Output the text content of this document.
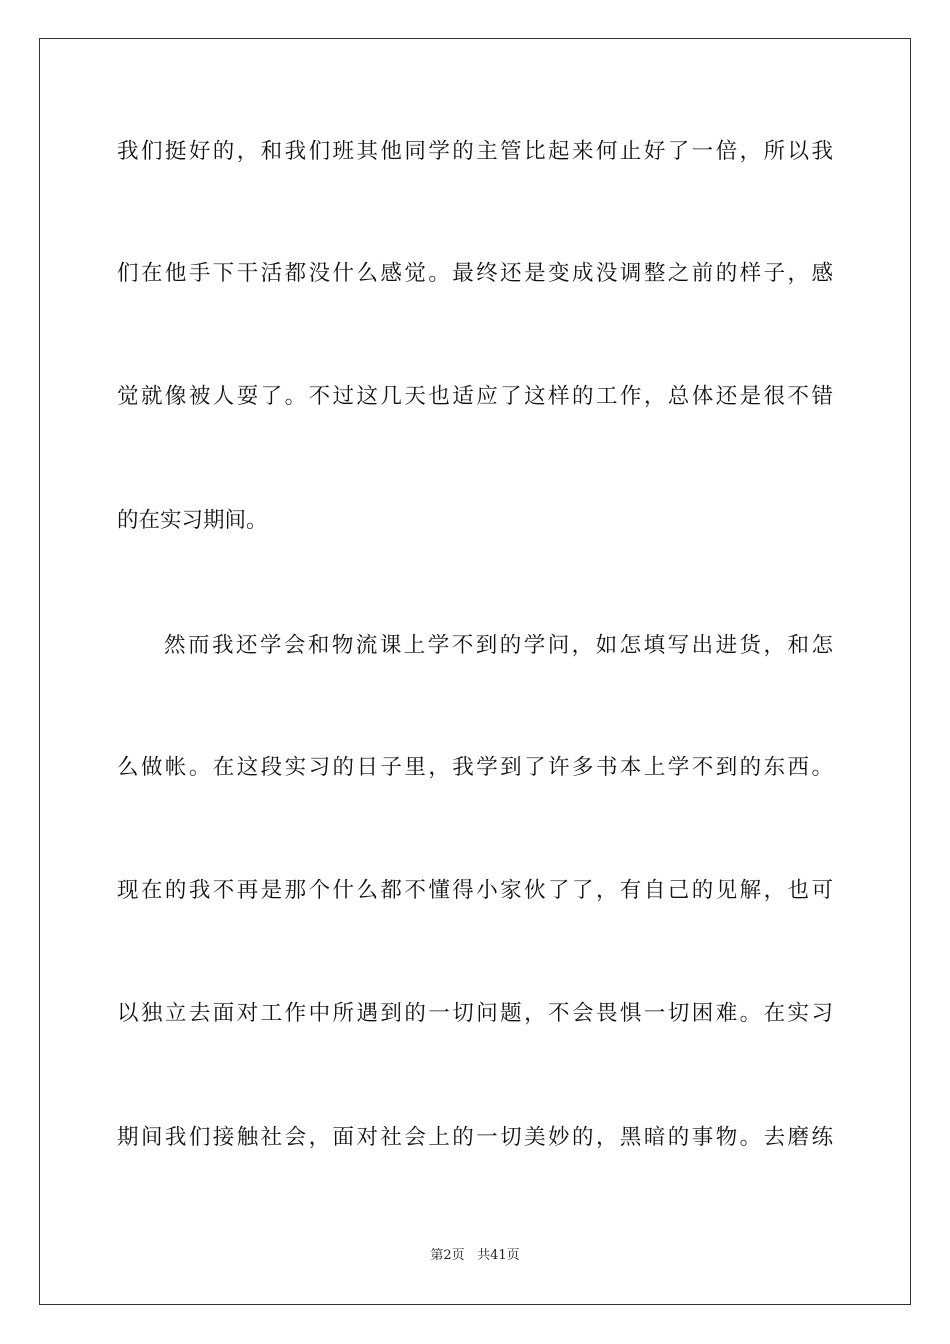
我们挺好的，和我们班其他同学的主管比起来何止好了一倍，所以我
们在他手下干活都没什么感觉。最终还是变成没调整之前的样子，感
觉就像被人耍了。不过这几天也适应了这样的工作，总体还是很不错
的在实习期间。
然而我还学会和物流课上学不到的学问，如怎填写出进货，和怎
么做帐。在这段实习的日子里，我学到了许多书本上学不到的东西。
现在的我不再是那个什么都不懂得小家伙了了，有自己的见解，也可
以独立去面对工作中所遇到的一切问题，不会畏惧一切困难。在实习
期间我们接触社会，面对社会上的一切美妙的，黑暗的事物。去磨练
第2页 共41页
